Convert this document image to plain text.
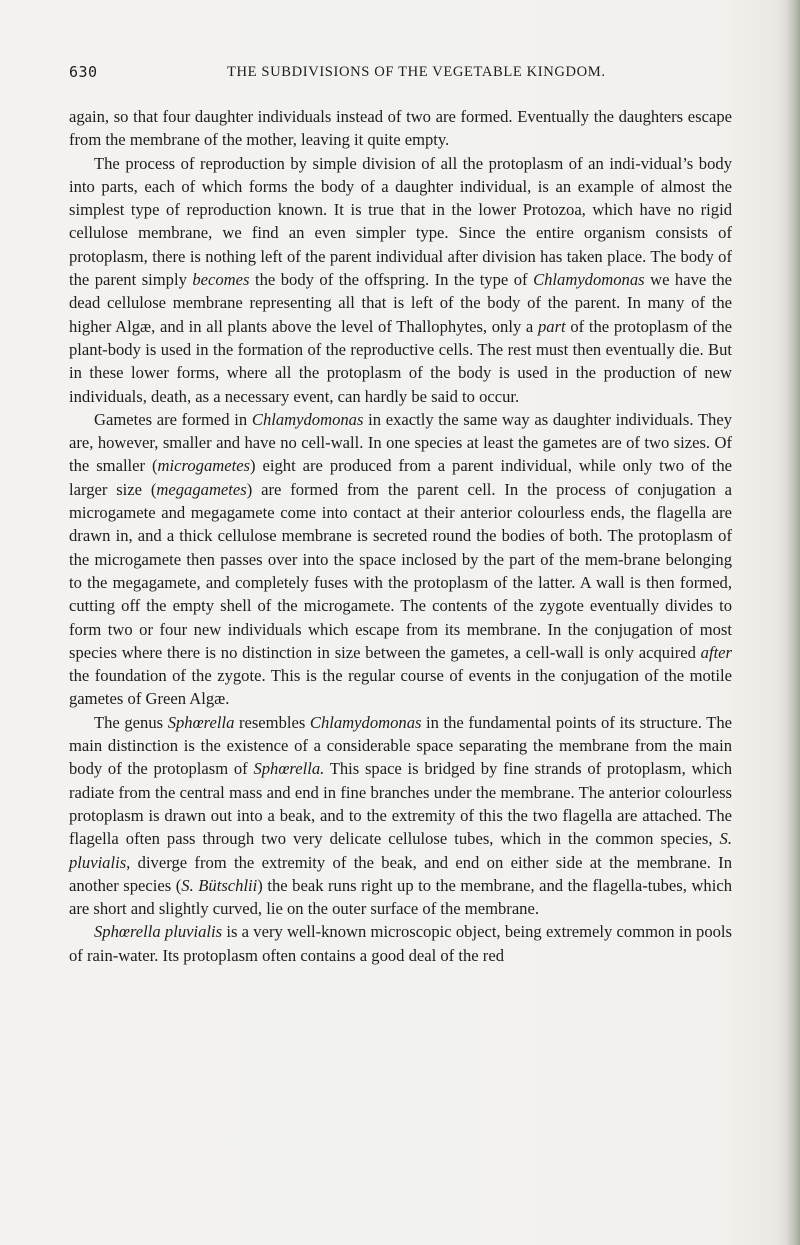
630	THE SUBDIVISIONS OF THE VEGETABLE KINGDOM.

again, so that four daughter individuals instead of two are formed. Eventually the daughters escape from the membrane of the mother, leaving it quite empty.

The process of reproduction by simple division of all the protoplasm of an indi-vidual’s body into parts, each of which forms the body of a daughter individual, is an example of almost the simplest type of reproduction known. It is true that in the lower Protozoa, which have no rigid cellulose membrane, we find an even simpler type. Since the entire organism consists of protoplasm, there is nothing left of the parent individual after division has taken place. The body of the parent simply becomes the body of the offspring. In the type of Chlamydomonas we have the dead cellulose membrane representing all that is left of the body of the parent. In many of the higher Algæ, and in all plants above the level of Thallophytes, only a part of the protoplasm of the plant-body is used in the formation of the reproductive cells. The rest must then eventually die. But in these lower forms, where all the protoplasm of the body is used in the production of new individuals, death, as a necessary event, can hardly be said to occur.

Gametes are formed in Chlamydomonas in exactly the same way as daughter individuals. They are, however, smaller and have no cell-wall. In one species at least the gametes are of two sizes. Of the smaller (microgametes) eight are produced from a parent individual, while only two of the larger size (megagametes) are formed from the parent cell. In the process of conjugation a microgamete and megagamete come into contact at their anterior colourless ends, the flagella are drawn in, and a thick cellulose membrane is secreted round the bodies of both. The protoplasm of the microgamete then passes over into the space inclosed by the part of the mem-brane belonging to the megagamete, and completely fuses with the protoplasm of the latter. A wall is then formed, cutting off the empty shell of the microgamete. The contents of the zygote eventually divides to form two or four new individuals which escape from its membrane. In the conjugation of most species where there is no distinction in size between the gametes, a cell-wall is only acquired after the foundation of the zygote. This is the regular course of events in the conjugation of the motile gametes of Green Algæ.

The genus Sphœrella resembles Chlamydomonas in the fundamental points of its structure. The main distinction is the existence of a considerable space separating the membrane from the main body of the protoplasm of Sphœrella. This space is bridged by fine strands of protoplasm, which radiate from the central mass and end in fine branches under the membrane. The anterior colourless protoplasm is drawn out into a beak, and to the extremity of this the two flagella are attached. The flagella often pass through two very delicate cellulose tubes, which in the common species, S. pluvialis, diverge from the extremity of the beak, and end on either side at the membrane. In another species (S. Bütschlii) the beak runs right up to the membrane, and the flagella-tubes, which are short and slightly curved, lie on the outer surface of the membrane.

Sphœrella pluvialis is a very well-known microscopic object, being extremely common in pools of rain-water. Its protoplasm often contains a good deal of the red
